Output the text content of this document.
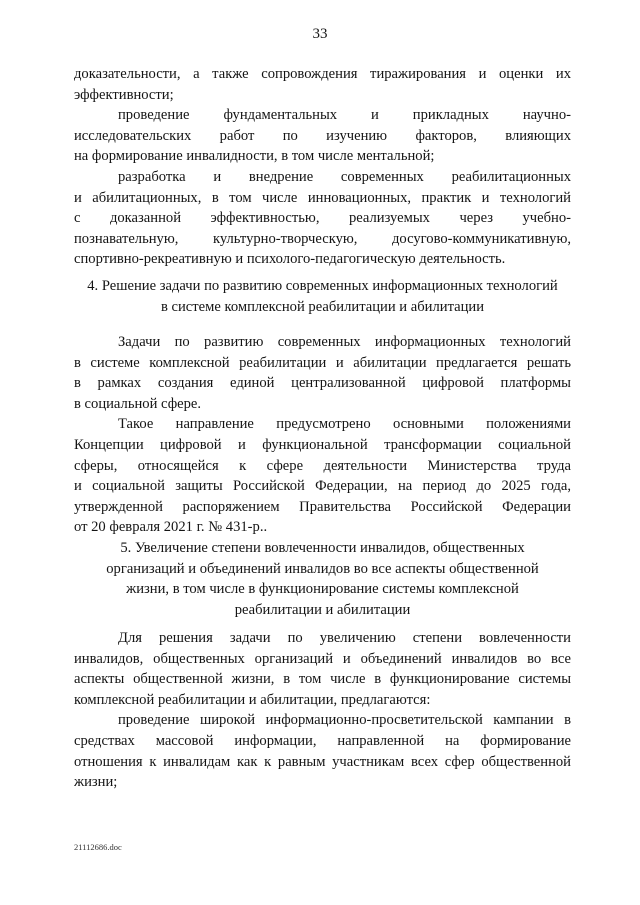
33
доказательности, а также сопровождения тиражирования и оценки их
эффективности;
проведение фундаментальных и прикладных научно-
исследовательских работ по изучению факторов, влияющих
на формирование инвалидности, в том числе ментальной;
разработка и внедрение современных реабилитационных
и абилитационных, в том числе инновационных, практик и технологий
с доказанной эффективностью, реализуемых через учебно-
познавательную, культурно-творческую, досугово-коммуникативную,
спортивно-рекреативную и психолого-педагогическую деятельность.
4. Решение задачи по развитию современных информационных технологий
в системе комплексной реабилитации и абилитации
Задачи по развитию современных информационных технологий
в системе комплексной реабилитации и абилитации предлагается решать
в рамках создания единой централизованной цифровой платформы
в социальной сфере.
Такое направление предусмотрено основными положениями
Концепции цифровой и функциональной трансформации социальной
сферы, относящейся к сфере деятельности Министерства труда
и социальной защиты Российской Федерации, на период до 2025 года,
утвержденной распоряжением Правительства Российской Федерации
от 20 февраля 2021 г. № 431-р..
5. Увеличение степени вовлеченности инвалидов, общественных
организаций и объединений инвалидов во все аспекты общественной
жизни, в том числе в функционирование системы комплексной
реабилитации и абилитации
Для решения задачи по увеличению степени вовлеченности
инвалидов, общественных организаций и объединений инвалидов во все
аспекты общественной жизни, в том числе в функционирование системы
комплексной реабилитации и абилитации, предлагаются:
проведение широкой информационно-просветительской кампании в
средствах массовой информации, направленной на формирование
отношения к инвалидам как к равным участникам всех сфер общественной
жизни;
21112686.doc
